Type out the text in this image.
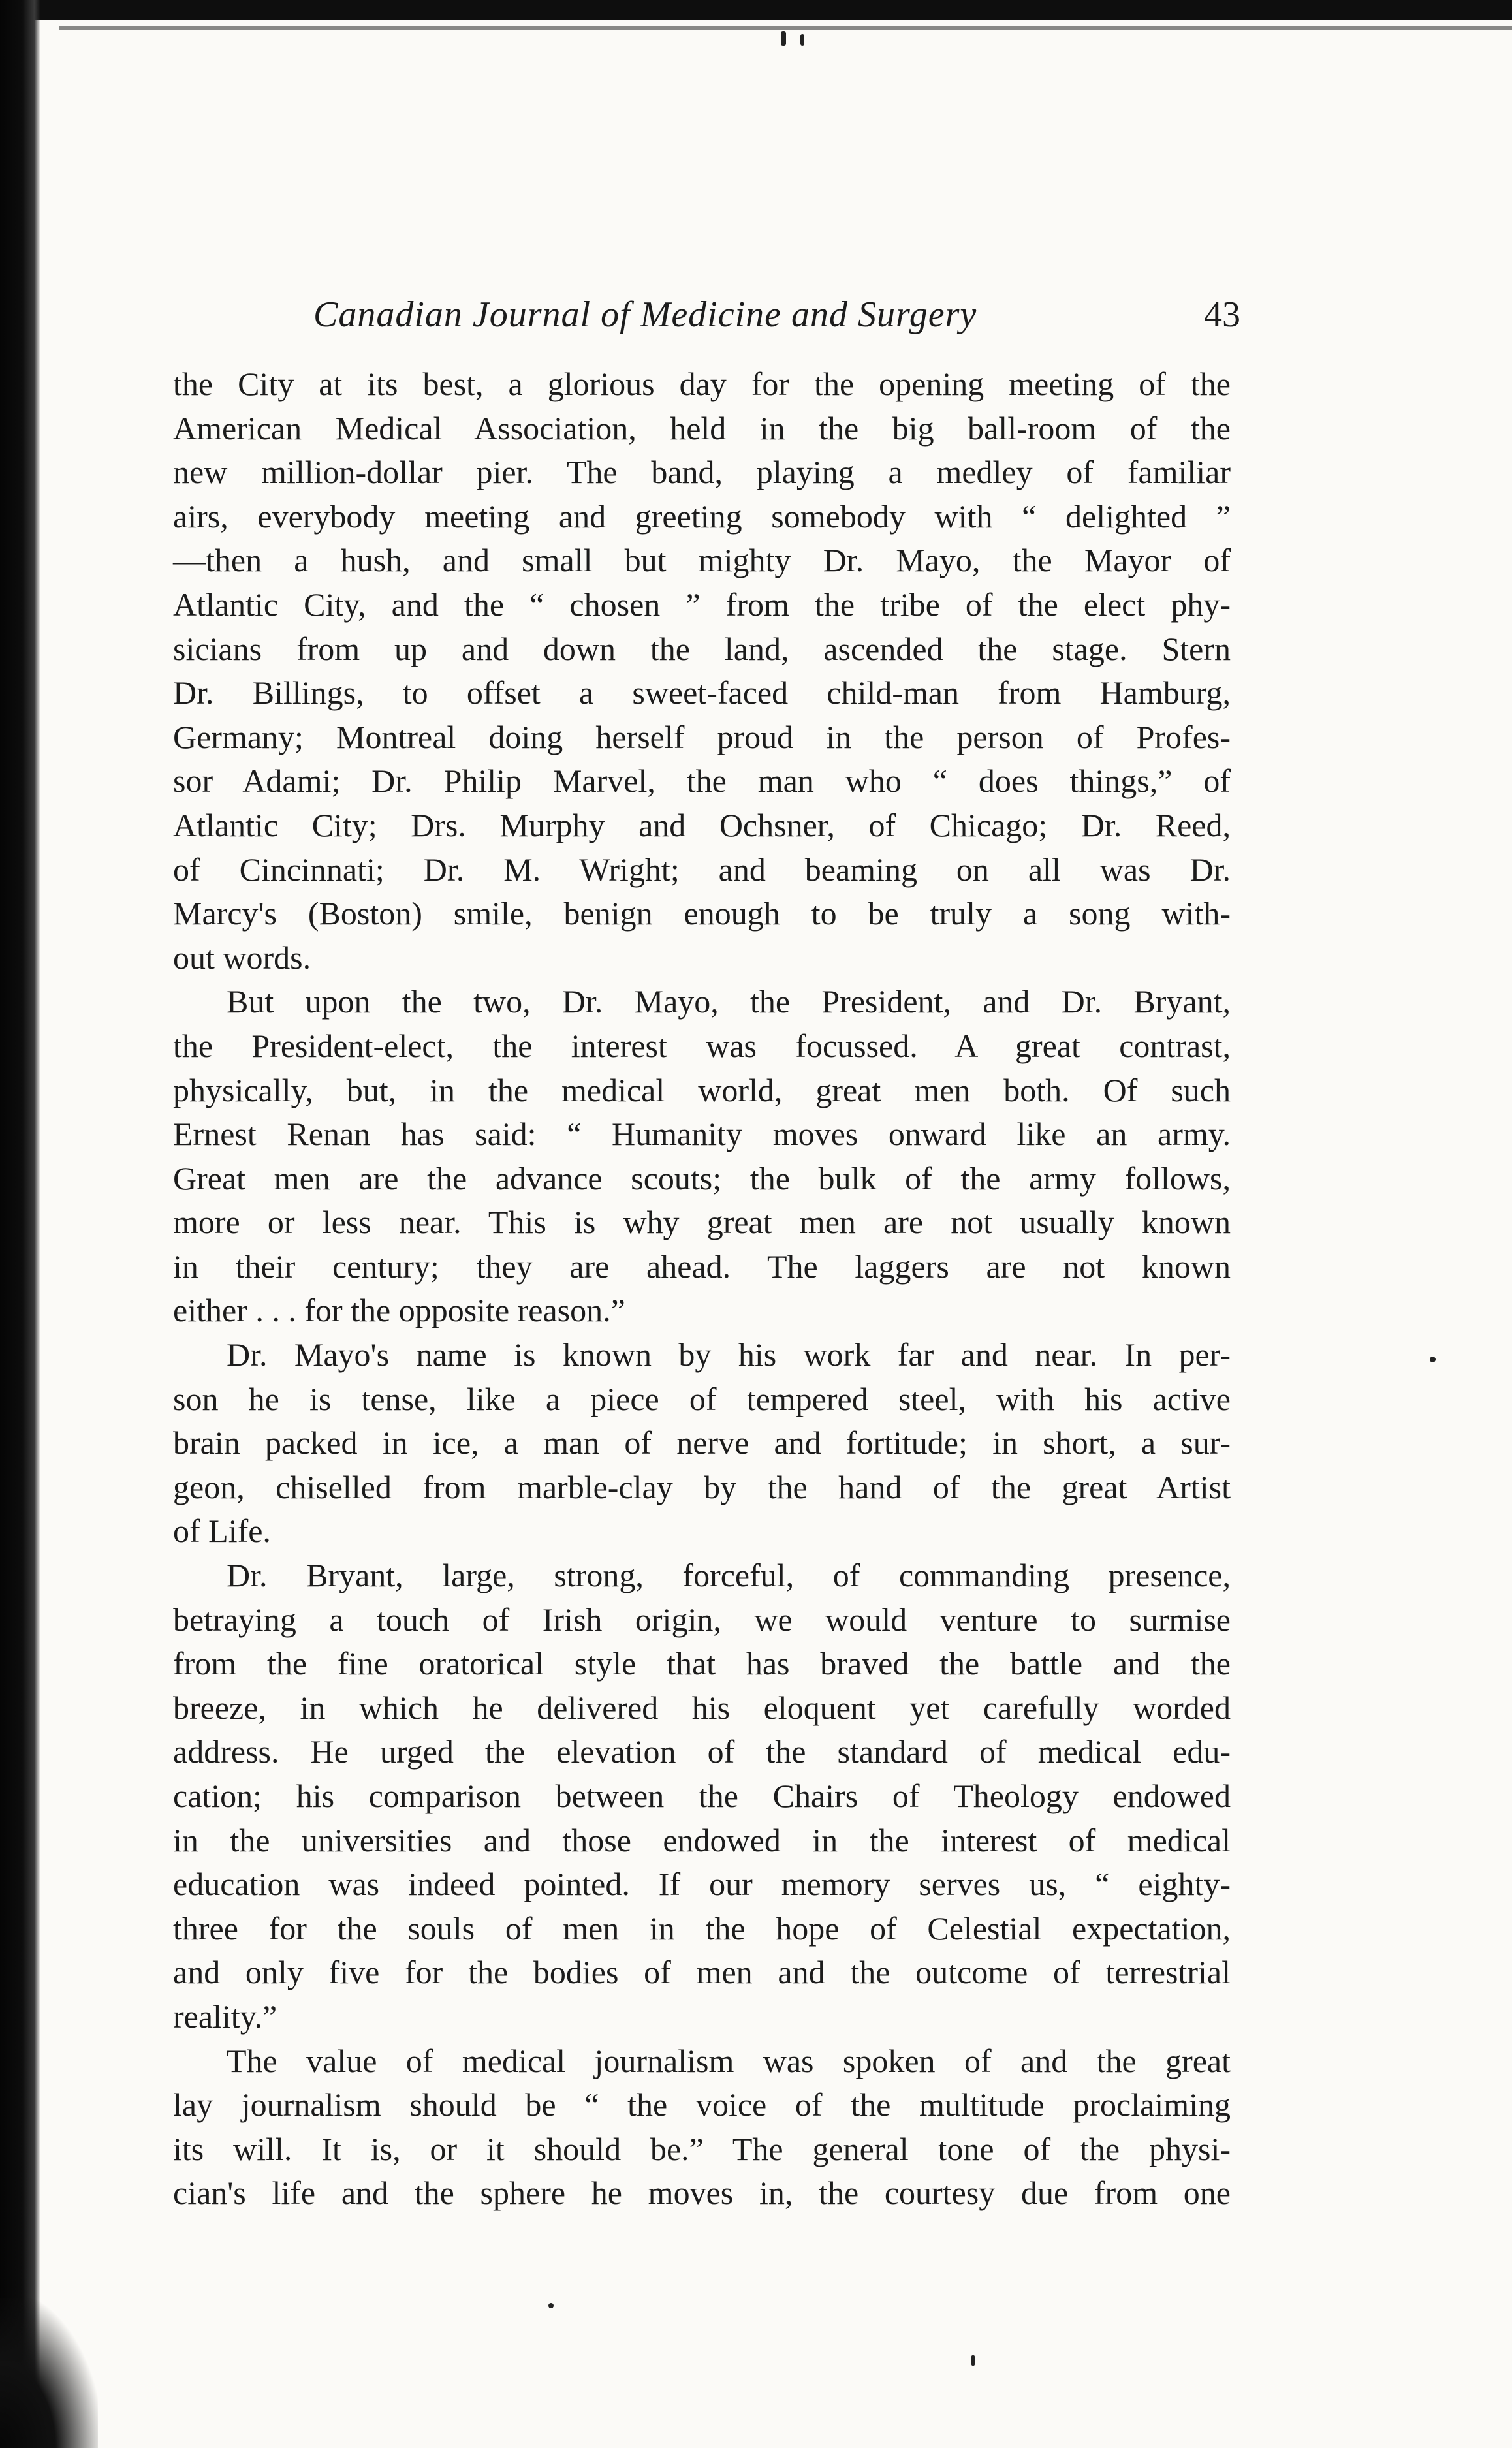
Canadian Journal of Medicine and Surgery	43
the City at its best, a glorious day for the opening meeting of the
American Medical Association, held in the big ball-room of the
new million-dollar pier. The band, playing a medley of familiar
airs, everybody meeting and greeting somebody with “ delighted ”
—then a hush, and small but mighty Dr. Mayo, the Mayor of
Atlantic City, and the “ chosen ” from the tribe of the elect phy-
sicians from up and down the land, ascended the stage. Stern
Dr. Billings, to offset a sweet-faced child-man from Hamburg,
Germany; Montreal doing herself proud in the person of Profes-
sor Adami; Dr. Philip Marvel, the man who “ does things,” of
Atlantic City; Drs. Murphy and Ochsner, of Chicago; Dr. Reed,
of Cincinnati; Dr. M. Wright; and beaming on all was Dr.
Marcy's (Boston) smile, benign enough to be truly a song with-
out words.
But upon the two, Dr. Mayo, the President, and Dr. Bryant,
the President-elect, the interest was focussed. A great contrast,
physically, but, in the medical world, great men both. Of such
Ernest Renan has said: “ Humanity moves onward like an army.
Great men are the advance scouts; the bulk of the army follows,
more or less near. This is why great men are not usually known
in their century; they are ahead. The laggers are not known
either . . . for the opposite reason.”
Dr. Mayo's name is known by his work far and near. In per-
son he is tense, like a piece of tempered steel, with his active
brain packed in ice, a man of nerve and fortitude; in short, a sur-
geon, chiselled from marble-clay by the hand of the great Artist
of Life.
Dr. Bryant, large, strong, forceful, of commanding presence,
betraying a touch of Irish origin, we would venture to surmise
from the fine oratorical style that has braved the battle and the
breeze, in which he delivered his eloquent yet carefully worded
address. He urged the elevation of the standard of medical edu-
cation; his comparison between the Chairs of Theology endowed
in the universities and those endowed in the interest of medical
education was indeed pointed. If our memory serves us, “ eighty-
three for the souls of men in the hope of Celestial expectation,
and only five for the bodies of men and the outcome of terrestrial
reality.”
The value of medical journalism was spoken of and the great
lay journalism should be “ the voice of the multitude proclaiming
its will. It is, or it should be.” The general tone of the physi-
cian's life and the sphere he moves in, the courtesy due from one
